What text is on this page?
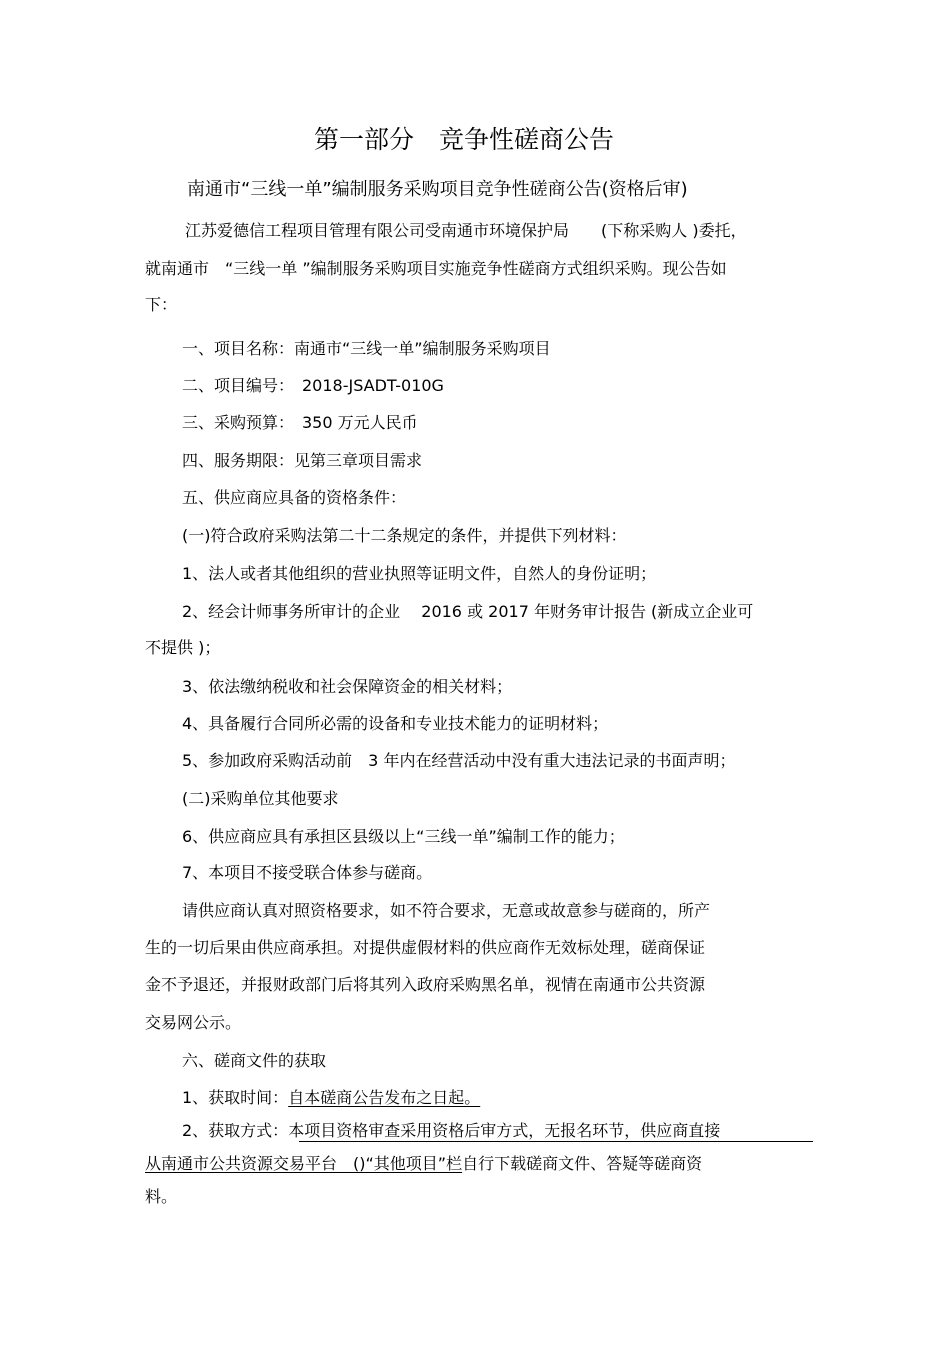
第一部分　竞争性磋商公告
南通市“三线一单”编制服务采购项目竞争性磋商公告(资格后审)
江苏爱德信工程项目管理有限公司受南通市环境保护局　　(下称采购人 )委托，
就南通市　“三线一单 ”编制服务采购项目实施竞争性磋商方式组织采购。现公告如
下：
一、项目名称：南通市“三线一单”编制服务采购项目
二、项目编号：　2018-JSADT-010G
三、采购预算：　350 万元人民币
四、服务期限：见第三章项目需求
五、供应商应具备的资格条件：
(一)符合政府采购法第二十二条规定的条件，并提供下列材料：
1、法人或者其他组织的营业执照等证明文件，自然人的身份证明；
2、经会计师事务所审计的企业　 2016 或 2017 年财务审计报告 (新成立企业可
不提供 )；
3、依法缴纳税收和社会保障资金的相关材料；
4、具备履行合同所必需的设备和专业技术能力的证明材料；
5、参加政府采购活动前　3 年内在经营活动中没有重大违法记录的书面声明；
(二)采购单位其他要求
6、供应商应具有承担区县级以上“三线一单”编制工作的能力；
7、本项目不接受联合体参与磋商。
请供应商认真对照资格要求，如不符合要求，无意或故意参与磋商的，所产
生的一切后果由供应商承担。对提供虚假材料的供应商作无效标处理，磋商保证
金不予退还，并报财政部门后将其列入政府采购黑名单，视情在南通市公共资源
交易网公示。
六、磋商文件的获取
1、获取时间：自本磋商公告发布之日起。
2、获取方式：本项目资格审查采用资格后审方式，无报名环节，供应商直接
从南通市公共资源交易平台　()“其他项目”栏自行下载磋商文件、答疑等磋商资
料。
